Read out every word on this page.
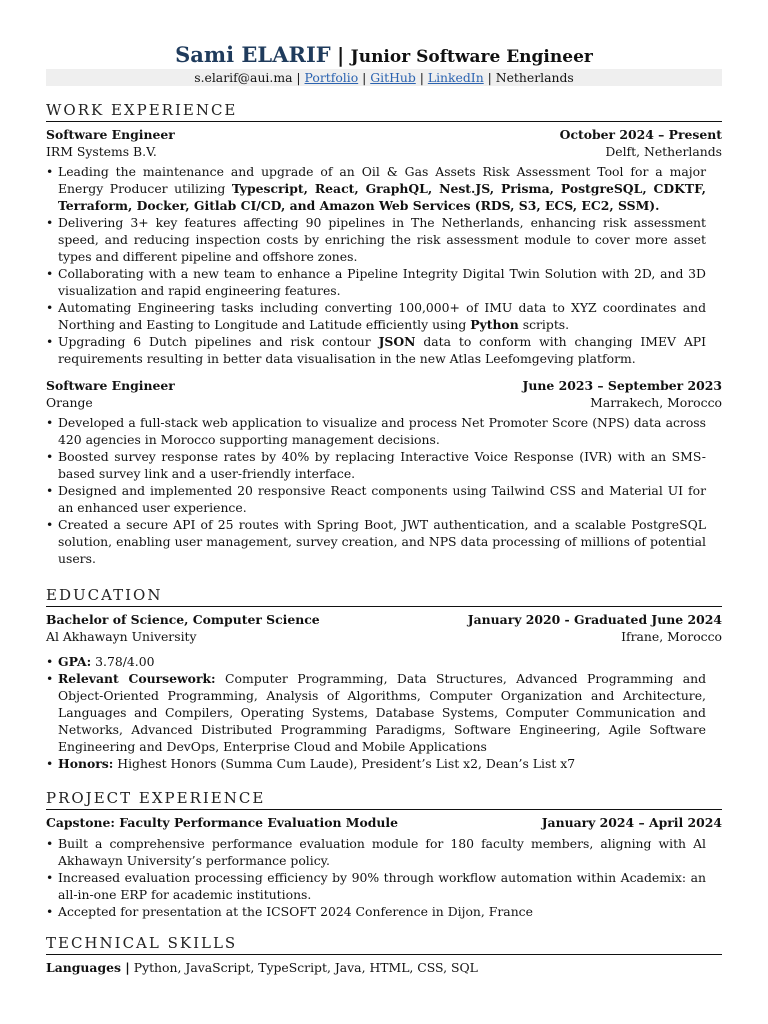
Sami ELARIF | Junior Software Engineer
s.elarif@aui.ma | Portfolio | GitHub | LinkedIn | Netherlands
WORK EXPERIENCE
Software Engineer	October 2024 – Present
IRM Systems B.V.	Delft, Netherlands
• Leading the maintenance and upgrade of an Oil & Gas Assets Risk Assessment Tool for a major Energy Producer utilizing Typescript, React, GraphQL, Nest.JS, Prisma, PostgreSQL, CDKTF, Terraform, Docker, Gitlab CI/CD, and Amazon Web Services (RDS, S3, ECS, EC2, SSM).
• Delivering 3+ key features affecting 90 pipelines in The Netherlands, enhancing risk assessment speed, and reducing inspection costs by enriching the risk assessment module to cover more asset types and different pipeline and offshore zones.
• Collaborating with a new team to enhance a Pipeline Integrity Digital Twin Solution with 2D, and 3D visualization and rapid engineering features.
• Automating Engineering tasks including converting 100,000+ of IMU data to XYZ coordinates and Northing and Easting to Longitude and Latitude efficiently using Python scripts.
• Upgrading 6 Dutch pipelines and risk contour JSON data to conform with changing IMEV API requirements resulting in better data visualisation in the new Atlas Leefomgeving platform.
Software Engineer	June 2023 – September 2023
Orange	Marrakech, Morocco
• Developed a full-stack web application to visualize and process Net Promoter Score (NPS) data across 420 agencies in Morocco supporting management decisions.
• Boosted survey response rates by 40% by replacing Interactive Voice Response (IVR) with an SMS-based survey link and a user-friendly interface.
• Designed and implemented 20 responsive React components using Tailwind CSS and Material UI for an enhanced user experience.
• Created a secure API of 25 routes with Spring Boot, JWT authentication, and a scalable PostgreSQL solution, enabling user management, survey creation, and NPS data processing of millions of potential users.
EDUCATION
Bachelor of Science, Computer Science	January 2020 - Graduated June 2024
Al Akhawayn University	Ifrane, Morocco
• GPA: 3.78/4.00
• Relevant Coursework: Computer Programming, Data Structures, Advanced Programming and Object-Oriented Programming, Analysis of Algorithms, Computer Organization and Architecture, Languages and Compilers, Operating Systems, Database Systems, Computer Communication and Networks, Advanced Distributed Programming Paradigms, Software Engineering, Agile Software Engineering and DevOps, Enterprise Cloud and Mobile Applications
• Honors: Highest Honors (Summa Cum Laude), President’s List x2, Dean’s List x7
PROJECT EXPERIENCE
Capstone: Faculty Performance Evaluation Module	January 2024 – April 2024
• Built a comprehensive performance evaluation module for 180 faculty members, aligning with Al Akhawayn University’s performance policy.
• Increased evaluation processing efficiency by 90% through workflow automation within Academix: an all-in-one ERP for academic institutions.
• Accepted for presentation at the ICSOFT 2024 Conference in Dijon, France
TECHNICAL SKILLS
Languages | Python, JavaScript, TypeScript, Java, HTML, CSS, SQL
